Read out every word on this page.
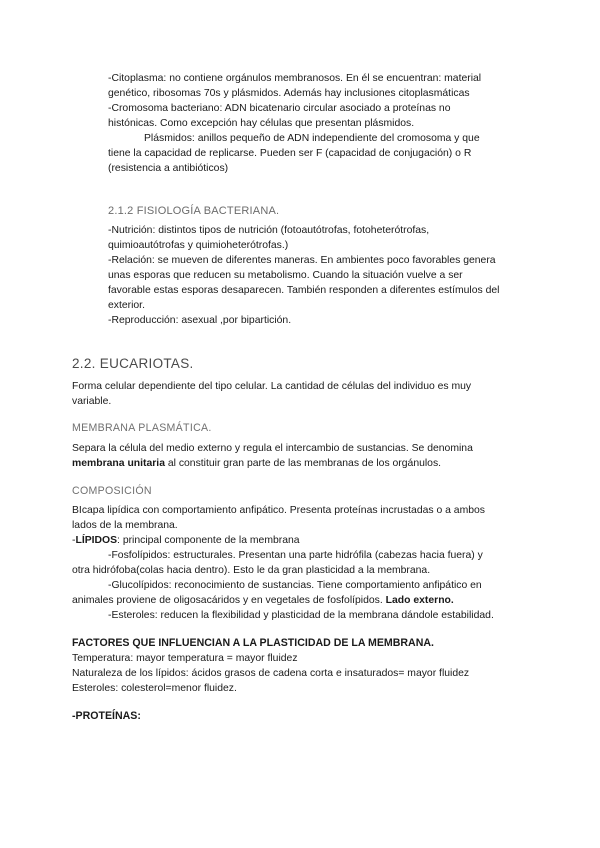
-Citoplasma: no contiene orgánulos membranosos. En él se encuentran: material
genético, ribosomas 70s y plásmidos. Además hay inclusiones citoplasmáticas
-Cromosoma bacteriano: ADN bicatenario circular asociado a proteínas no
histónicas. Como excepción hay células que presentan plásmidos.
Plásmidos: anillos pequeño de ADN independiente del cromosoma y que
tiene la capacidad de replicarse. Pueden ser F (capacidad de conjugación) o R
(resistencia a antibióticos)
2.1.2 FISIOLOGÍA BACTERIANA.
-Nutrición: distintos tipos de nutrición (fotoautótrofas, fotoheterótrofas,
quimioautótrofas y quimioheterótrofas.)
-Relación: se mueven de diferentes maneras. En ambientes poco favorables genera
unas esporas que reducen su metabolismo. Cuando la situación vuelve a ser
favorable estas esporas desaparecen. También responden a diferentes estímulos del
exterior.
-Reproducción: asexual ,por bipartición.
2.2. EUCARIOTAS.
Forma celular dependiente del tipo celular. La cantidad de células del individuo es muy
variable.
MEMBRANA PLASMÁTICA.
Separa la célula del medio externo y regula el intercambio de sustancias. Se denomina
membrana unitaria al constituir gran parte de las membranas de los orgánulos.
COMPOSICIÓN
BIcapa lipídica con comportamiento anfipático. Presenta proteínas incrustadas o a ambos
lados de la membrana.
-LÍPIDOS: principal componente de la membrana
-Fosfolípidos: estructurales. Presentan una parte hidrófila (cabezas hacia fuera) y
otra hidrófoba(colas hacia dentro). Esto le da gran plasticidad a la membrana.
-Glucolípidos: reconocimiento de sustancias. Tiene comportamiento anfipático en
animales proviene de oligosacáridos y en vegetales de fosfolípidos. Lado externo.
-Esteroles: reducen la flexibilidad y plasticidad de la membrana dándole estabilidad.
FACTORES QUE INFLUENCIAN A LA PLASTICIDAD DE LA MEMBRANA.
Temperatura: mayor temperatura = mayor fluidez
Naturaleza de los lípidos: ácidos grasos de cadena corta e insaturados= mayor fluidez
Esteroles: colesterol=menor fluidez.
-PROTEÍNAS:
